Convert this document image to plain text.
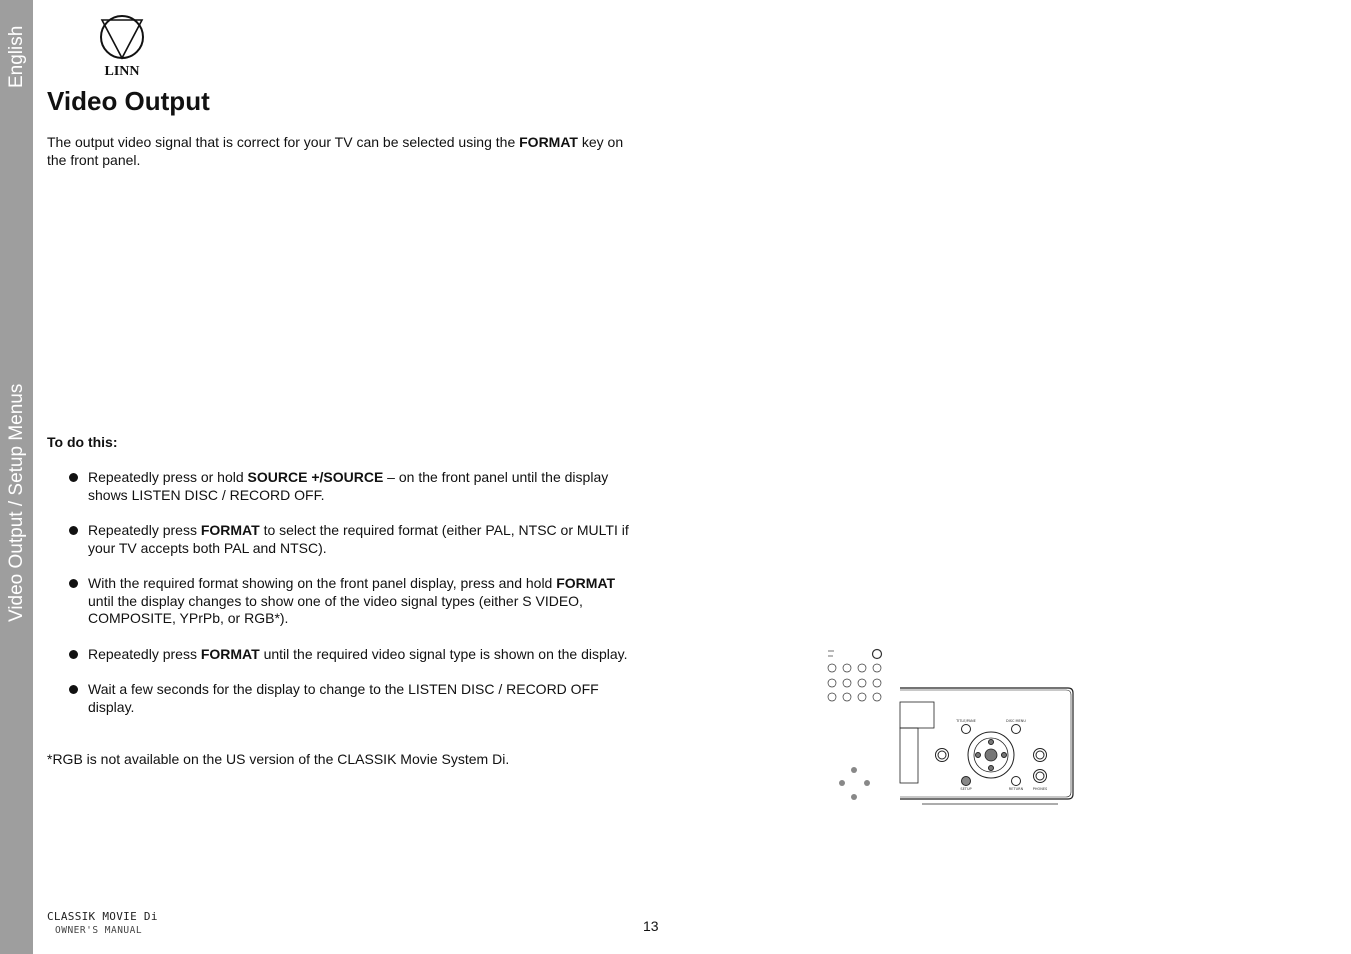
English
Video Output / Setup Menus
LINN
Video Output
The output video signal that is correct for your TV can be selected using the FORMAT key on the front panel.
To do this:
Repeatedly press or hold SOURCE +/SOURCE – on the front panel until the display shows LISTEN DISC / RECORD OFF.
Repeatedly press FORMAT to select the required format (either PAL, NTSC or MULTI if your TV accepts both PAL and NTSC).
With the required format showing on the front panel display, press and hold FORMAT until the display changes to show one of the video signal types (either S VIDEO, COMPOSITE, YPrPb, or RGB*).
Repeatedly press FORMAT until the required video signal type is shown on the display.
Wait a few seconds for the display to change to the LISTEN DISC / RECORD OFF display.
*RGB is not available on the US version of the CLASSIK Movie System Di.
TITLE/PANE	DISC MENU
SETUP	RETURN	PHONES
CLASSIK MOVIE Di
OWNER'S MANUAL	13
